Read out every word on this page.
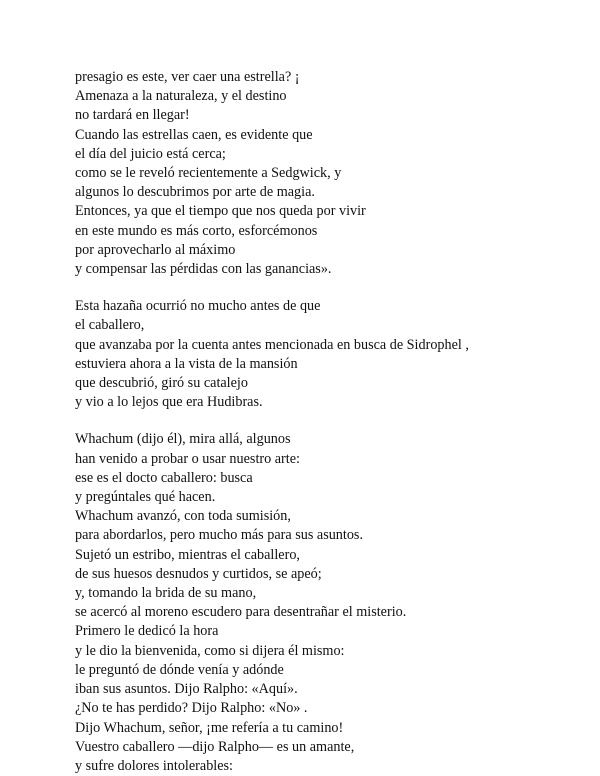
presagio es este, ver caer una estrella? ¡
Amenaza a la naturaleza, y el destino
no tardará en llegar!
Cuando las estrellas caen, es evidente que
el día del juicio está cerca;
como se le reveló recientemente a Sedgwick, y
algunos lo descubrimos por arte de magia.
Entonces, ya que el tiempo que nos queda por vivir
en este mundo es más corto, esforcémonos
por aprovecharlo al máximo
y compensar las pérdidas con las ganancias».
Esta hazaña ocurrió no mucho antes de que
el caballero,
que avanzaba por la cuenta antes mencionada en busca de Sidrophel ,
estuviera ahora a la vista de la mansión
que descubrió, giró su catalejo
y vio a lo lejos que era Hudibras.
Whachum (dijo él), mira allá, algunos
han venido a probar o usar nuestro arte:
ese es el docto caballero: busca
y pregúntales qué hacen.
Whachum avanzó, con toda sumisión,
para abordarlos, pero mucho más para sus asuntos.
Sujetó un estribo, mientras el caballero,
de sus huesos desnudos y curtidos, se apeó;
y, tomando la brida de su mano,
se acercó al moreno escudero para desentrañar el misterio.
Primero le dedicó la hora
y le dio la bienvenida, como si dijera él mismo:
le preguntó de dónde venía y adónde
iban sus asuntos. Dijo Ralpho: «Aquí».
¿No te has perdido? Dijo Ralpho: «No» .
Dijo Whachum, señor, ¡me refería a tu camino!
Vuestro caballero —dijo Ralpho— es un amante,
y sufre dolores intolerables:
